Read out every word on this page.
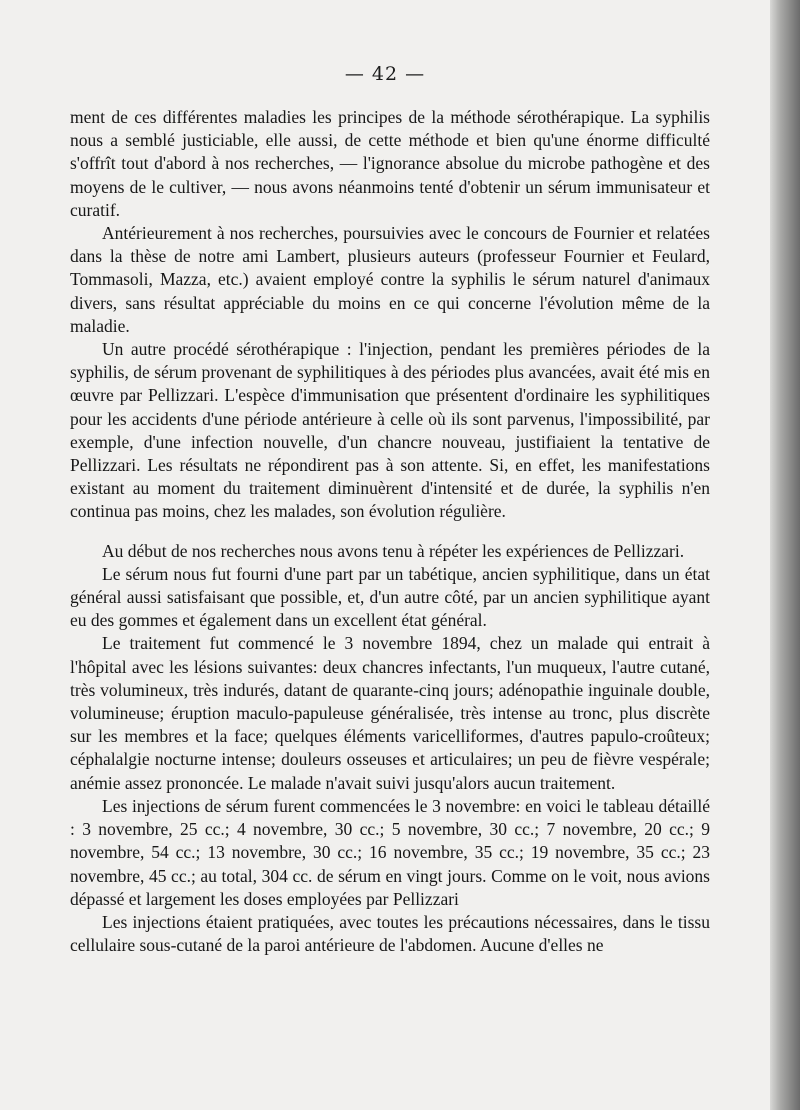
— 42 —

ment de ces différentes maladies les principes de la méthode sérothérapique. La syphilis nous a semblé justiciable, elle aussi, de cette méthode et bien qu'une énorme difficulté s'offrît tout d'abord à nos recherches, — l'ignorance absolue du microbe pathogène et des moyens de le cultiver, — nous avons néanmoins tenté d'obtenir un sérum immunisateur et curatif.

Antérieurement à nos recherches, poursuivies avec le concours de Fournier et relatées dans la thèse de notre ami Lambert, plusieurs auteurs (professeur Fournier et Feulard, Tommasoli, Mazza, etc.) avaient employé contre la syphilis le sérum naturel d'animaux divers, sans résultat appréciable du moins en ce qui concerne l'évolution même de la maladie.

Un autre procédé sérothérapique : l'injection, pendant les premières périodes de la syphilis, de sérum provenant de syphilitiques à des périodes plus avancées, avait été mis en œuvre par Pellizzari. L'espèce d'immunisation que présentent d'ordinaire les syphilitiques pour les accidents d'une période antérieure à celle où ils sont parvenus, l'impossibilité, par exemple, d'une infection nouvelle, d'un chancre nouveau, justifiaient la tentative de Pellizzari. Les résultats ne répondirent pas à son attente. Si, en effet, les manifestations existant au moment du traitement diminuèrent d'intensité et de durée, la syphilis n'en continua pas moins, chez les malades, son évolution régulière.

Au début de nos recherches nous avons tenu à répéter les expériences de Pellizzari.

Le sérum nous fut fourni d'une part par un tabétique, ancien syphilitique, dans un état général aussi satisfaisant que possible, et, d'un autre côté, par un ancien syphilitique ayant eu des gommes et également dans un excellent état général.

Le traitement fut commencé le 3 novembre 1894, chez un malade qui entrait à l'hôpital avec les lésions suivantes: deux chancres infectants, l'un muqueux, l'autre cutané, très volumineux, très indurés, datant de quarante-cinq jours; adénopathie inguinale double, volumineuse; éruption maculo-papuleuse généralisée, très intense au tronc, plus discrète sur les membres et la face; quelques éléments varicelliformes, d'autres papulo-croûteux; céphalalgie nocturne intense; douleurs osseuses et articulaires; un peu de fièvre vespérale; anémie assez prononcée. Le malade n'avait suivi jusqu'alors aucun traitement.

Les injections de sérum furent commencées le 3 novembre: en voici le tableau détaillé : 3 novembre, 25 cc.; 4 novembre, 30 cc.; 5 novembre, 30 cc.; 7 novembre, 20 cc.; 9 novembre, 54 cc.; 13 novembre, 30 cc.; 16 novembre, 35 cc.; 19 novembre, 35 cc.; 23 novembre, 45 cc.; au total, 304 cc. de sérum en vingt jours. Comme on le voit, nous avions dépassé et largement les doses employées par Pellizzari

Les injections étaient pratiquées, avec toutes les précautions nécessaires, dans le tissu cellulaire sous-cutané de la paroi antérieure de l'abdomen. Aucune d'elles ne
